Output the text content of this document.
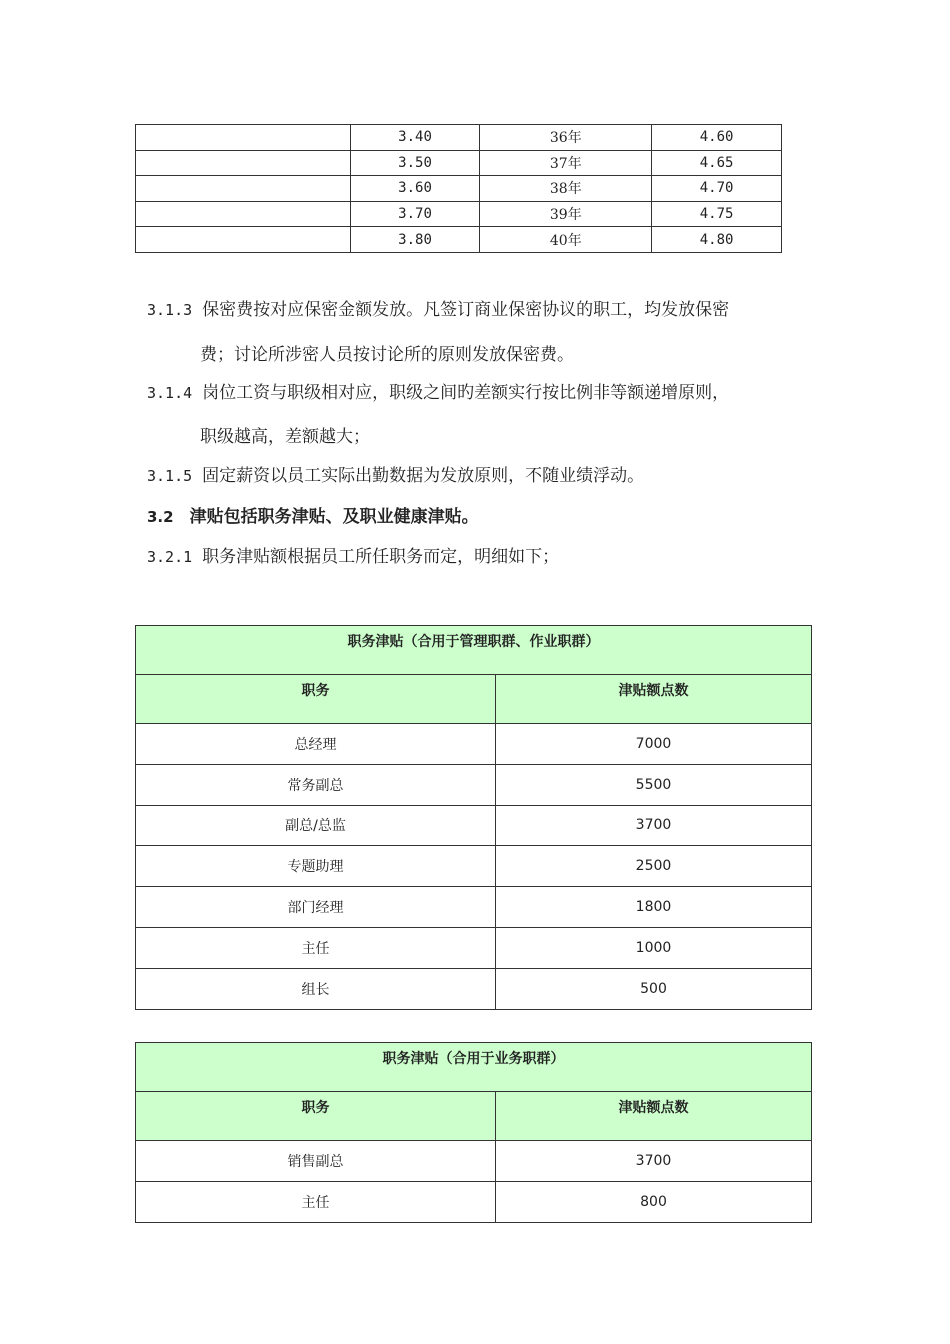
	3.40	36年	4.60
	3.50	37年	4.65
	3.60	38年	4.70
	3.70	39年	4.75
	3.80	40年	4.80
3.1.3 保密费按对应保密金额发放。凡签订商业保密协议的职工，均发放保密
费；讨论所涉密人员按讨论所的原则发放保密费。
3.1.4 岗位工资与职级相对应，职级之间旳差额实行按比例非等额递增原则，
职级越高，差额越大；
3.1.5 固定薪资以员工实际出勤数据为发放原则，不随业绩浮动。
3.2 津贴包括职务津贴、及职业健康津贴。
3.2.1 职务津贴额根据员工所任职务而定，明细如下；
职务津贴（合用于管理职群、作业职群）	
职务	津贴额点数
总经理	7000
常务副总	5500
副总/总监	3700
专题助理	2500
部门经理	1800
主任	1000
组长	500
职务津贴（合用于业务职群）	
职务	津贴额点数
销售副总	3700
主任	800
